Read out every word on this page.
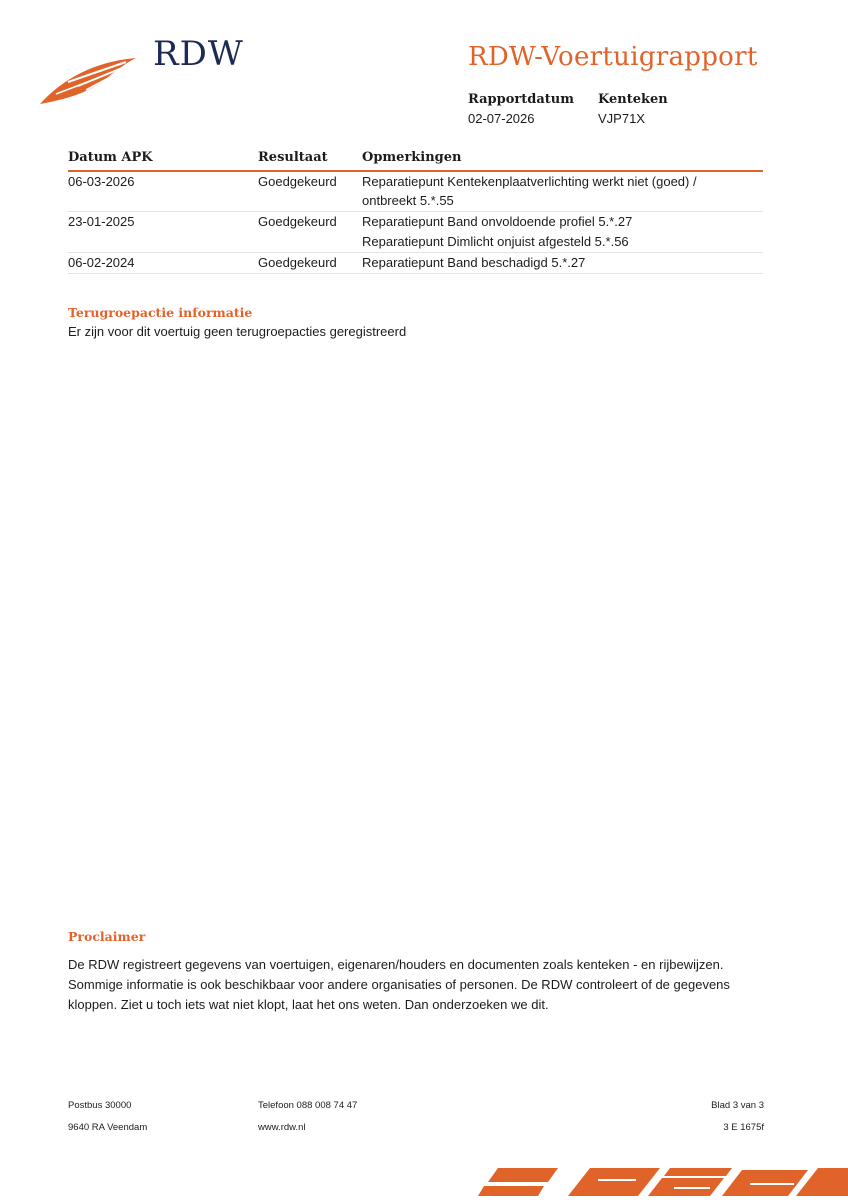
RDW	RDW-Voertuigrapport
Rapportdatum
02-07-2026
Kenteken
VJP71X
Datum APK	Resultaat	Opmerkingen
06-03-2026	Goedgekeurd Reparatiepunt Kentekenplaatverlichting werkt niet (goed) /
ontbreekt 5.*.55
23-01-2025	Goedgekeurd Reparatiepunt Band onvoldoende profiel 5.*.27
Reparatiepunt Dimlicht onjuist afgesteld 5.*.56
06-02-2024	Goedgekeurd Reparatiepunt Band beschadigd 5.*.27
Terugroepactie informatie
Er zijn voor dit voertuig geen terugroepacties geregistreerd
Proclaimer
De RDW registreert gegevens van voertuigen, eigenaren/houders en documenten zoals kenteken - en rijbewijzen.
Sommige informatie is ook beschikbaar voor andere organisaties of personen. De RDW controleert of de gegevens
kloppen. Ziet u toch iets wat niet klopt, laat het ons weten. Dan onderzoeken we dit.
Postbus 30000
9640 RA Veendam
Telefoon 088 008 74 47
www.rdw.nl
Blad 3 van 3
3 E 1675f
